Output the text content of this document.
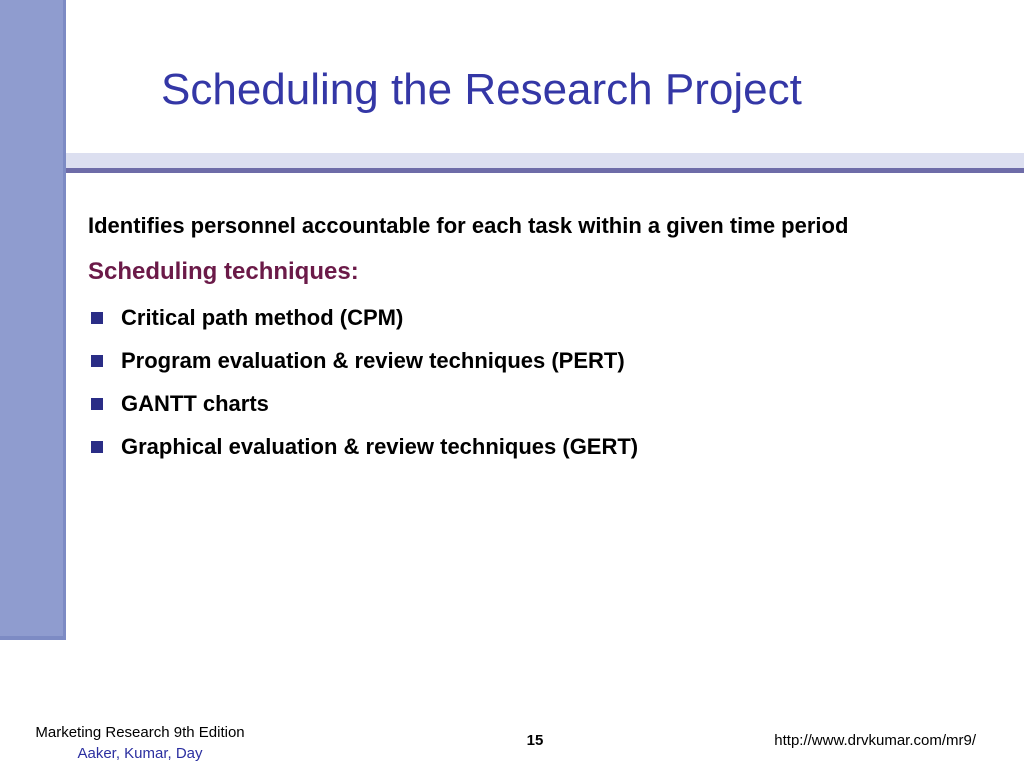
Scheduling the Research Project

Identifies personnel accountable for each task within a given time period

Scheduling techniques:

Critical path method (CPM)
Program evaluation & review techniques (PERT)
GANTT charts
Graphical evaluation & review techniques (GERT)
Marketing Research 9th Edition
Aaker, Kumar, Day
15	http://www.drvkumar.com/mr9/
